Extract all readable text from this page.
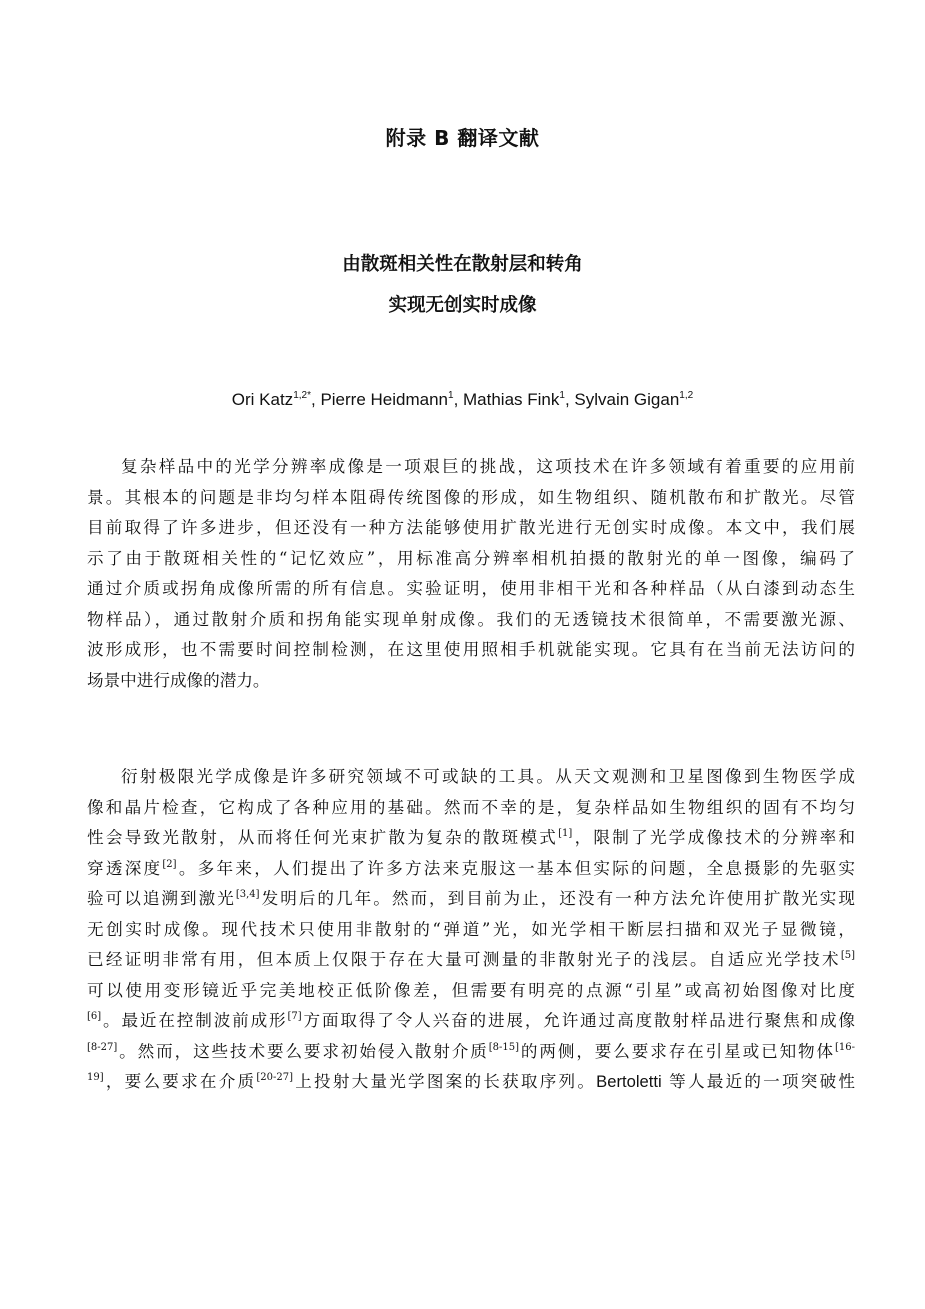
附录 B 翻译文献
由散斑相关性在散射层和转角
实现无创实时成像
Ori Katz$^{1,2*}$, Pierre Heidmann$^1$, Mathias Fink$^1$, Sylvain Gigan$^{1,2}$
复杂样品中的光学分辨率成像是一项艰巨的挑战，这项技术在许多领域有着重要的应用前
景。其根本的问题是非均匀样本阻碍传统图像的形成，如生物组织、随机散布和扩散光。尽管
目前取得了许多进步，但还没有一种方法能够使用扩散光进行无创实时成像。本文中，我们展
示了由于散斑相关性的“记忆效应”，用标准高分辨率相机拍摄的散射光的单一图像，编码了
通过介质或拐角成像所需的所有信息。实验证明，使用非相干光和各种样品（从白漆到动态生
物样品），通过散射介质和拐角能实现单射成像。我们的无透镜技术很简单，不需要激光源、
波形成形，也不需要时间控制检测，在这里使用照相手机就能实现。它具有在当前无法访问的
场景中进行成像的潜力。
衍射极限光学成像是许多研究领域不可或缺的工具。从天文观测和卫星图像到生物医学成
像和晶片检查，它构成了各种应用的基础。然而不幸的是，复杂样品如生物组织的固有不均匀
性会导致光散射，从而将任何光束扩散为复杂的散斑模式[1]，限制了光学成像技术的分辨率和
穿透深度[2]。多年来，人们提出了许多方法来克服这一基本但实际的问题，全息摄影的先驱实
验可以追溯到激光[3,4]发明后的几年。然而，到目前为止，还没有一种方法允许使用扩散光实现
无创实时成像。现代技术只使用非散射的“弹道”光，如光学相干断层扫描和双光子显微镜，
已经证明非常有用，但本质上仅限于存在大量可测量的非散射光子的浅层。自适应光学技术[5]
可以使用变形镜近乎完美地校正低阶像差，但需要有明亮的点源“引星”或高初始图像对比度
[6]。最近在控制波前成形[7]方面取得了令人兴奋的进展，允许通过高度散射样品进行聚焦和成像
[8-27]。然而，这些技术要么要求初始侵入散射介质[8-15]的两侧，要么要求存在引星或已知物体$^{[16-}$
$^{19]}$，要么要求在介质[20-27]上投射大量光学图案的长获取序列。Bertoletti 等人最近的一项突破性
